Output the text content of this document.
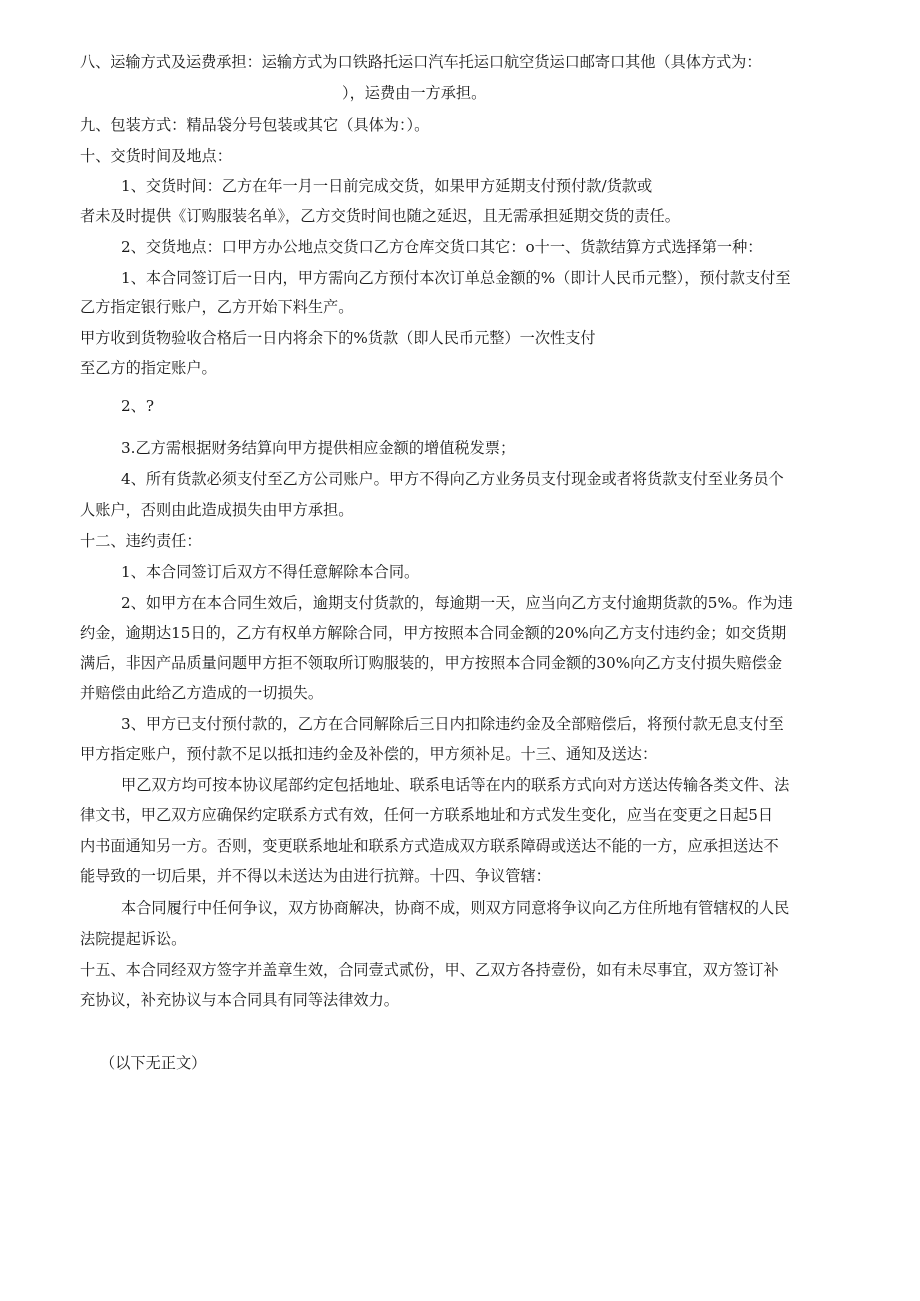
八、运输方式及运费承担：运输方式为口铁路托运口汽车托运口航空货运口邮寄口其他（具体方式为：
），运费由一方承担。
九、包装方式：精品袋分号包装或其它（具体为：）。
十、交货时间及地点：
1、交货时间：乙方在年一月一日前完成交货，如果甲方延期支付预付款/货款或
者未及时提供《订购服装名单》，乙方交货时间也随之延迟，且无需承担延期交货的责任。
2、交货地点：口甲方办公地点交货口乙方仓库交货口其它：o十一、货款结算方式选择第一种：
1、本合同签订后一日内，甲方需向乙方预付本次订单总金额的%（即计人民币元整），预付款支付至
乙方指定银行账户，乙方开始下料生产。
甲方收到货物验收合格后一日内将余下的%货款（即人民币元整）一次性支付
至乙方的指定账户。
2、?
3.乙方需根据财务结算向甲方提供相应金额的增值税发票；
4、所有货款必须支付至乙方公司账户。甲方不得向乙方业务员支付现金或者将货款支付至业务员个
人账户，否则由此造成损失由甲方承担。
十二、违约责任：
1、本合同签订后双方不得任意解除本合同。
2、如甲方在本合同生效后，逾期支付货款的，每逾期一天，应当向乙方支付逾期货款的5%。作为违
约金，逾期达15日的，乙方有权单方解除合同，甲方按照本合同金额的20%向乙方支付违约金；如交货期
满后，非因产品质量问题甲方拒不领取所订购服装的，甲方按照本合同金额的30%向乙方支付损失赔偿金
并赔偿由此给乙方造成的一切损失。
3、甲方已支付预付款的，乙方在合同解除后三日内扣除违约金及全部赔偿后，将预付款无息支付至
甲方指定账户，预付款不足以抵扣违约金及补偿的，甲方须补足。十三、通知及送达：
甲乙双方均可按本协议尾部约定包括地址、联系电话等在内的联系方式向对方送达传输各类文件、法
律文书，甲乙双方应确保约定联系方式有效，任何一方联系地址和方式发生变化，应当在变更之日起5日
内书面通知另一方。否则，变更联系地址和联系方式造成双方联系障碍或送达不能的一方，应承担送达不
能导致的一切后果，并不得以未送达为由进行抗辩。十四、争议管辖：
本合同履行中任何争议，双方协商解决，协商不成，则双方同意将争议向乙方住所地有管辖权的人民
法院提起诉讼。
十五、本合同经双方签字并盖章生效，合同壹式贰份，甲、乙双方各持壹份，如有未尽事宜，双方签订补
充协议，补充协议与本合同具有同等法律效力。
（以下无正文）
